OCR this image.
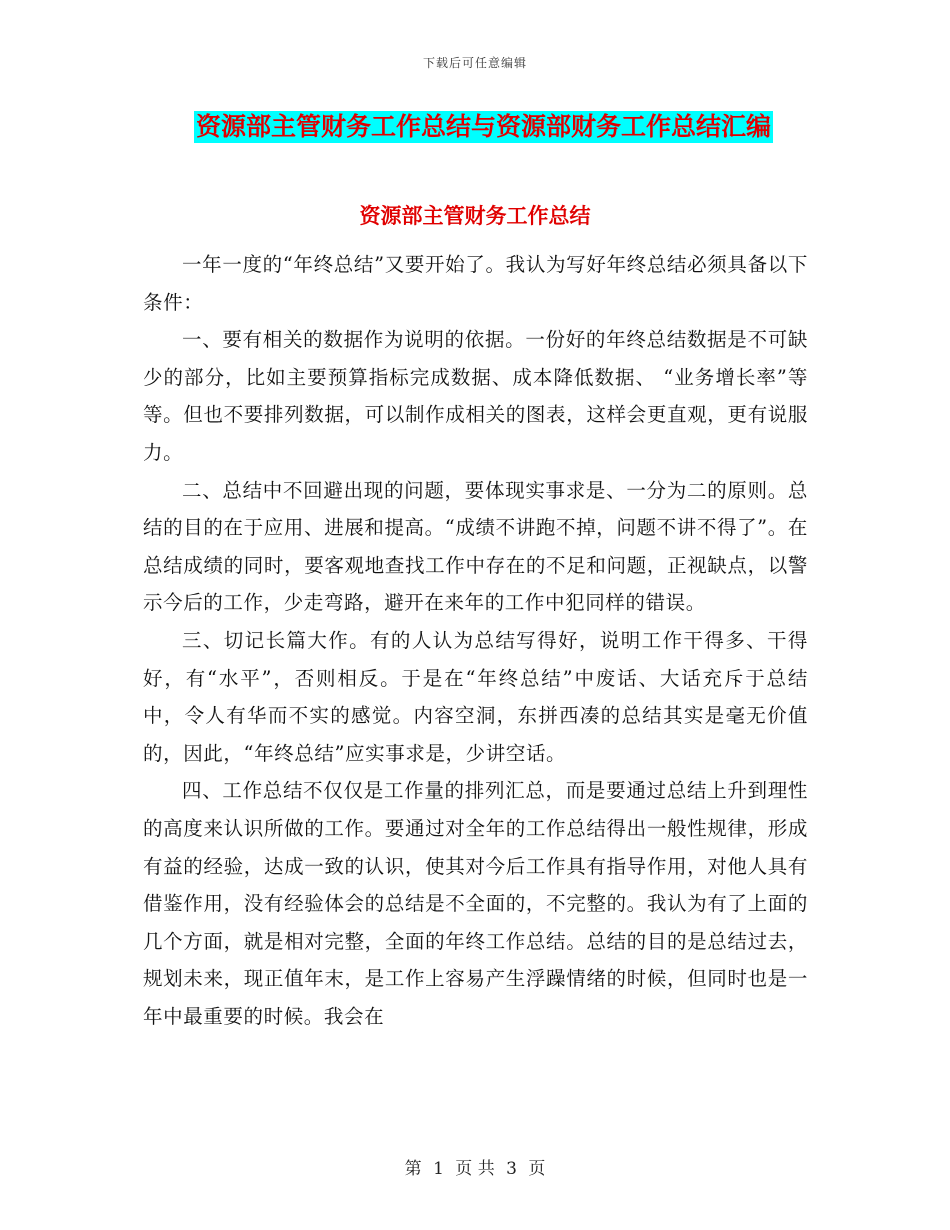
下载后可任意编辑
资源部主管财务工作总结与资源部财务工作总结汇编
资源部主管财务工作总结

一年一度的“年终总结”又要开始了。我认为写好年终总结必须具备以下条件：

一、要有相关的数据作为说明的依据。一份好的年终总结数据是不可缺少的部分，比如主要预算指标完成数据、成本降低数据、 “业务增长率”等等。但也不要排列数据，可以制作成相关的图表，这样会更直观，更有说服力。

二、总结中不回避出现的问题，要体现实事求是、一分为二的原则。总结的目的在于应用、进展和提高。“成绩不讲跑不掉，问题不讲不得了”。在总结成绩的同时，要客观地查找工作中存在的不足和问题，正视缺点，以警示今后的工作，少走弯路，避开在来年的工作中犯同样的错误。

三、切记长篇大作。有的人认为总结写得好，说明工作干得多、干得好，有“水平”，否则相反。于是在“年终总结”中废话、大话充斥于总结中，令人有华而不实的感觉。内容空洞，东拼西凑的总结其实是毫无价值的，因此，“年终总结”应实事求是，少讲空话。

四、工作总结不仅仅是工作量的排列汇总，而是要通过总结上升到理性的高度来认识所做的工作。要通过对全年的工作总结得出一般性规律，形成有益的经验，达成一致的认识，使其对今后工作具有指导作用，对他人具有借鉴作用，没有经验体会的总结是不全面的，不完整的。我认为有了上面的几个方面，就是相对完整，全面的年终工作总结。总结的目的是总结过去，规划未来，现正值年末，是工作上容易产生浮躁情绪的时候，但同时也是一年中最重要的时候。我会在

第 1 页 共 3 页
